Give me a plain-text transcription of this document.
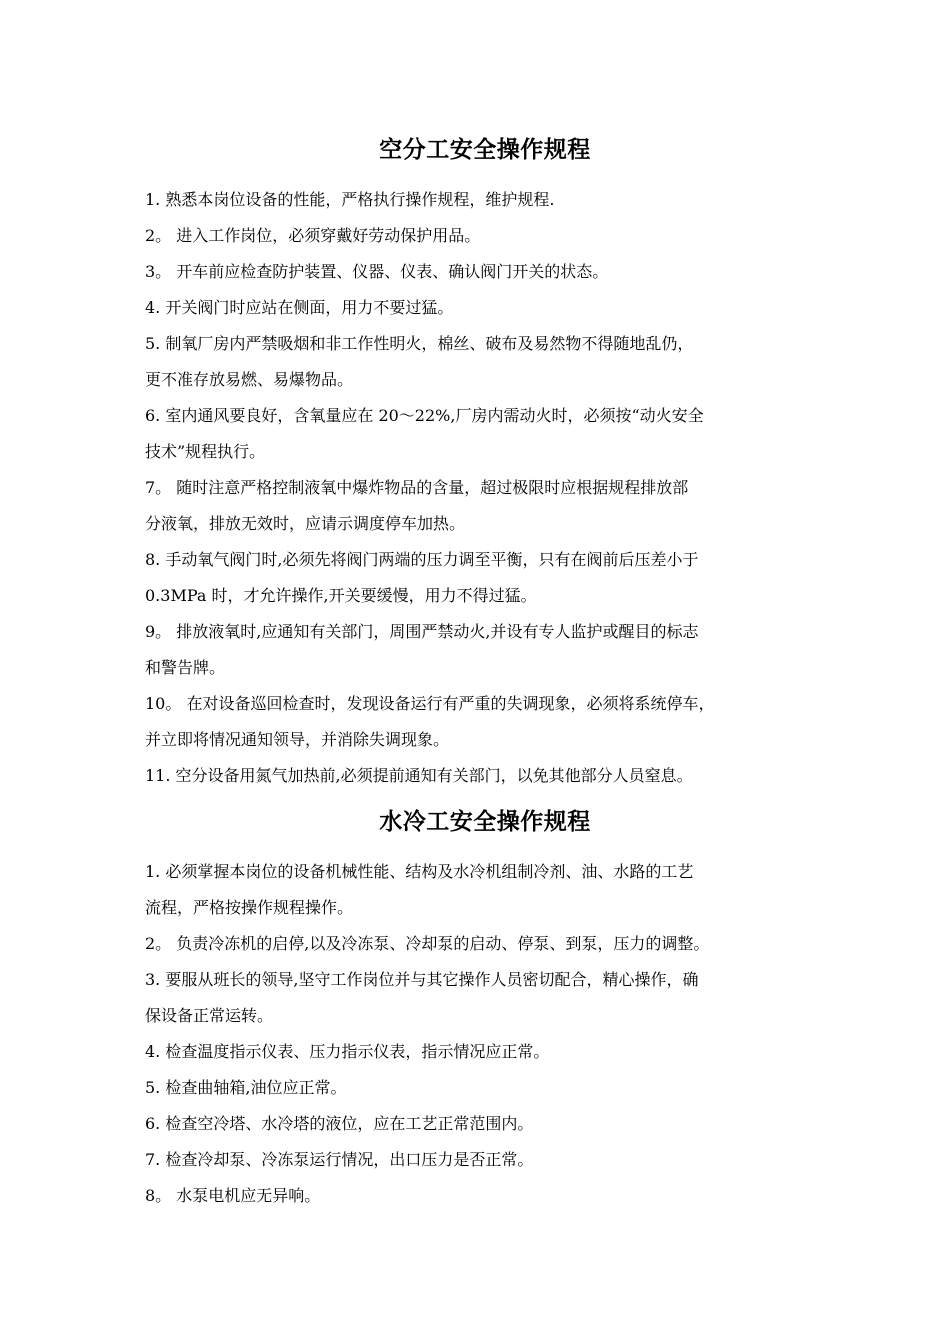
空分工安全操作规程

1. 熟悉本岗位设备的性能，严格执行操作规程，维护规程.

2。 进入工作岗位，必须穿戴好劳动保护用品。

3。 开车前应检查防护装置、仪器、仪表、确认阀门开关的状态。

4. 开关阀门时应站在侧面，用力不要过猛。

5. 制氧厂房内严禁吸烟和非工作性明火，棉丝、破布及易然物不得随地乱仍，
更不准存放易燃、易爆物品。

6. 室内通风要良好，含氧量应在 20～22%,厂房内需动火时，必须按“动火安全
技术”规程执行。

7。 随时注意严格控制液氧中爆炸物品的含量，超过极限时应根据规程排放部
分液氧，排放无效时，应请示调度停车加热。

8. 手动氧气阀门时,必须先将阀门两端的压力调至平衡，只有在阀前后压差小于
0.3MPa 时，才允许操作,开关要缓慢，用力不得过猛。

9。 排放液氧时,应通知有关部门，周围严禁动火,并设有专人监护或醒目的标志
和警告牌。

10。 在对设备巡回检查时，发现设备运行有严重的失调现象，必须将系统停车，
并立即将情况通知领导，并消除失调现象。

11. 空分设备用氮气加热前,必须提前通知有关部门，以免其他部分人员窒息。

水冷工安全操作规程

1. 必须掌握本岗位的设备机械性能、结构及水冷机组制冷剂、油、水路的工艺
流程，严格按操作规程操作。

2。 负责冷冻机的启停,以及冷冻泵、冷却泵的启动、停泵、到泵，压力的调整。

3. 要服从班长的领导,坚守工作岗位并与其它操作人员密切配合，精心操作，确
保设备正常运转。

4. 检查温度指示仪表、压力指示仪表，指示情况应正常。

5. 检查曲轴箱,油位应正常。

6. 检查空冷塔、水冷塔的液位，应在工艺正常范围内。

7. 检查冷却泵、冷冻泵运行情况，出口压力是否正常。

8。 水泵电机应无异响。
